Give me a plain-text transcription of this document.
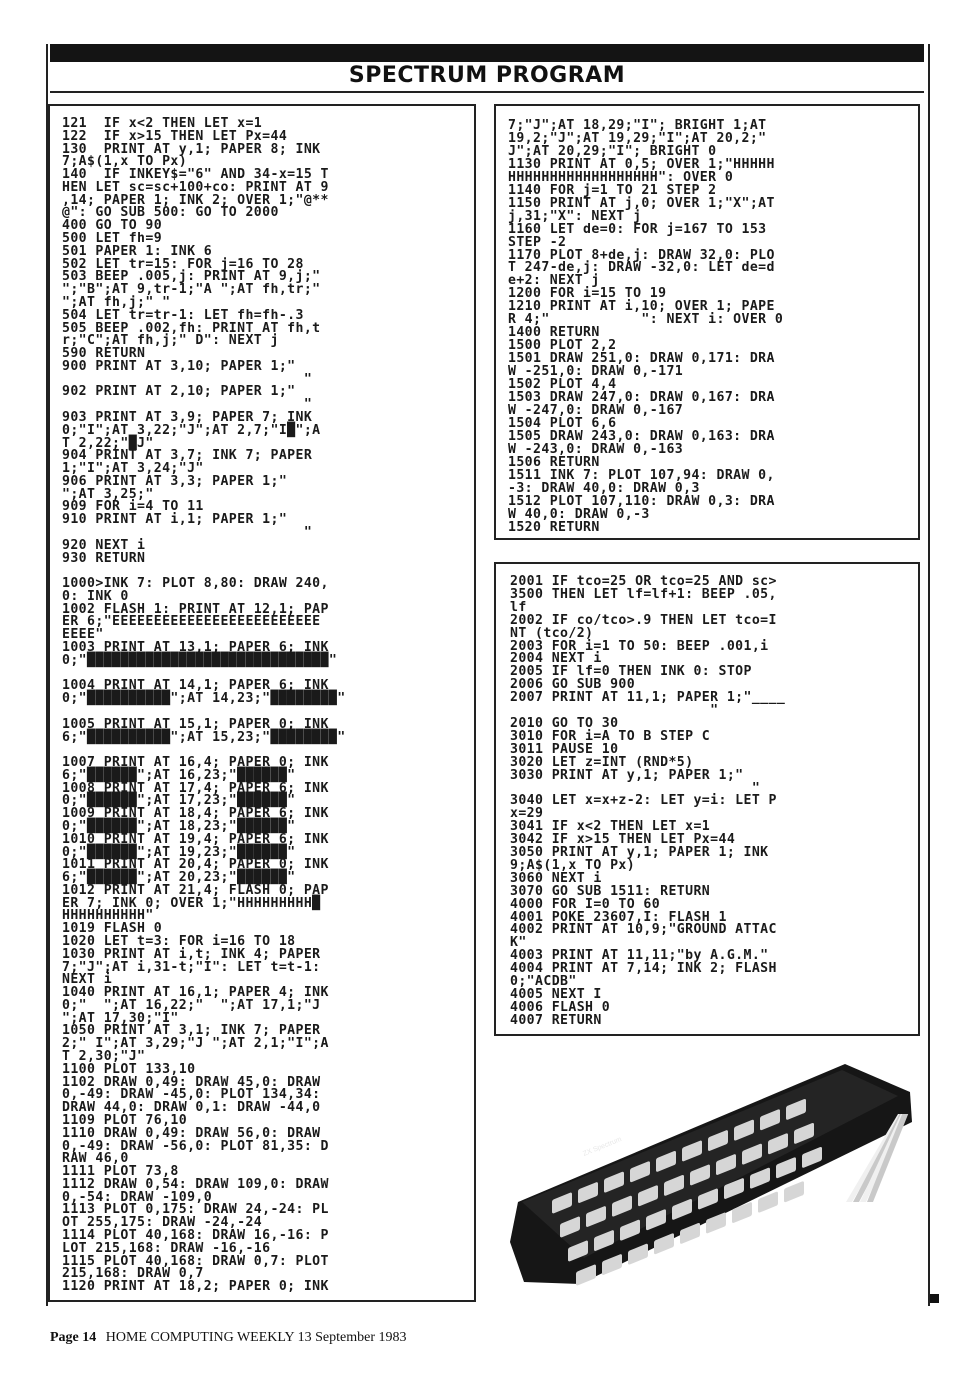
SPECTRUM PROGRAM
121  IF x<2 THEN LET x=1
122  IF x>15 THEN LET Px=44
130  PRINT AT y,1; PAPER 8; INK
7;A$(1,x TO Px)
140  IF INKEY$="6" AND 34-x=15 T
HEN LET sc=sc+100+co: PRINT AT 9
,14; PAPER 1; INK 2; OVER 1;"@**
@": GO SUB 500: GO TO 2000
400 GO TO 90
500 LET fh=9
501 PAPER 1: INK 6
502 LET tr=15: FOR j=16 TO 28
503 BEEP .005,j: PRINT AT 9,j;"
";"B";AT 9,tr-1;"A ";AT fh,tr;"
";AT fh,j;" "
504 LET tr=tr-1: LET fh=fh-.3
505 BEEP .002,fh: PRINT AT fh,t
r;"C";AT fh,j;" D": NEXT j
590 RETURN
900 PRINT AT 3,10; PAPER 1;"
"
902 PRINT AT 2,10; PAPER 1;"
"
903 PRINT AT 3,9; PAPER 7; INK
0;"I";AT 3,22;"J";AT 2,7;"I█";A
T 2,22;"█J"
904 PRINT AT 3,7; INK 7; PAPER
1;"I";AT 3,24;"J"
906 PRINT AT 3,3; PAPER 1;"
";AT 3,25;"
909 FOR i=4 TO 11
910 PRINT AT i,1; PAPER 1;"
"
920 NEXT i
930 RETURN

1000>INK 7: PLOT 8,80: DRAW 240,
0: INK 0
1002 FLASH 1: PRINT AT 12,1; PAP
ER 6;"EEEEEEEEEEEEEEEEEEEEEEEEE
EEEE"
1003 PRINT AT 13,1; PAPER 6; INK
0;"█████████████████████████████"

1004 PRINT AT 14,1; PAPER 6; INK
0;"██████████";AT 14,23;"████████"

1005 PRINT AT 15,1; PAPER 0; INK
6;"██████████";AT 15,23;"████████"

1007 PRINT AT 16,4; PAPER 0; INK
6;"██████";AT 16,23;"██████"
1008 PRINT AT 17,4; PAPER 6; INK
0;"██████";AT 17,23;"██████"
1009 PRINT AT 18,4; PAPER 6; INK
0;"██████";AT 18,23;"██████"
1010 PRINT AT 19,4; PAPER 6; INK
0;"██████";AT 19,23;"██████"
1011 PRINT AT 20,4; PAPER 0; INK
6;"██████";AT 20,23;"██████"
1012 PRINT AT 21,4; FLASH 0; PAP
ER 7; INK 0; OVER 1;"HHHHHHHHH█
HHHHHHHHHH"
1019 FLASH 0
1020 LET t=3: FOR i=16 TO 18
1030 PRINT AT i,t; INK 4; PAPER
7;"J";AT i,31-t;"I": LET t=t-1:
NEXT i
1040 PRINT AT 16,1; PAPER 4; INK
0;"  ";AT 16,22;"  ";AT 17,1;"J
";AT 17,30;"I"
1050 PRINT AT 3,1; INK 7; PAPER
2;" I";AT 3,29;"J ";AT 2,1;"I";A
T 2,30;"J"
1100 PLOT 133,10
1102 DRAW 0,49: DRAW 45,0: DRAW
0,-49: DRAW -45,0: PLOT 134,34:
DRAW 44,0: DRAW 0,1: DRAW -44,0
1109 PLOT 76,10
1110 DRAW 0,49: DRAW 56,0: DRAW
0,-49: DRAW -56,0: PLOT 81,35: D
RAW 46,0
1111 PLOT 73,8
1112 DRAW 0,54: DRAW 109,0: DRAW
0,-54: DRAW -109,0
1113 PLOT 0,175: DRAW 24,-24: PL
OT 255,175: DRAW -24,-24
1114 PLOT 40,168: DRAW 16,-16: P
LOT 215,168: DRAW -16,-16
1115 PLOT 40,168: DRAW 0,7: PLOT
215,168: DRAW 0,7
1120 PRINT AT 18,2; PAPER 0; INK
7;"J";AT 18,29;"I"; BRIGHT 1;AT
19,2;"J";AT 19,29;"I";AT 20,2;"
J";AT 20,29;"I"; BRIGHT 0
1130 PRINT AT 0,5; OVER 1;"HHHHH
HHHHHHHHHHHHHHHHHH": OVER 0
1140 FOR j=1 TO 21 STEP 2
1150 PRINT AT j,0; OVER 1;"X";AT
j,31;"X": NEXT j
1160 LET de=0: FOR j=167 TO 153
STEP -2
1170 PLOT 8+de,j: DRAW 32,0: PLO
T 247-de,j: DRAW -32,0: LET de=d
e+2: NEXT j
1200 FOR i=15 TO 19
1210 PRINT AT i,10; OVER 1; PAPE
R 4;"           ": NEXT i: OVER 0
1400 RETURN
1500 PLOT 2,2
1501 DRAW 251,0: DRAW 0,171: DRA
W -251,0: DRAW 0,-171
1502 PLOT 4,4
1503 DRAW 247,0: DRAW 0,167: DRA
W -247,0: DRAW 0,-167
1504 PLOT 6,6
1505 DRAW 243,0: DRAW 0,163: DRA
W -243,0: DRAW 0,-163
1506 RETURN
1511 INK 7: PLOT 107,94: DRAW 0,
-3: DRAW 40,0: DRAW 0,3
1512 PLOT 107,110: DRAW 0,3: DRA
W 40,0: DRAW 0,-3
1520 RETURN
2001 IF tco=25 OR tco=25 AND sc>
3500 THEN LET lf=lf+1: BEEP .05,
lf
2002 IF co/tco>.9 THEN LET tco=I
NT (tco/2)
2003 FOR i=1 TO 50: BEEP .001,i
2004 NEXT i
2005 IF lf=0 THEN INK 0: STOP
2006 GO SUB 900
2007 PRINT AT 11,1; PAPER 1;"____
"
2010 GO TO 30
3010 FOR i=A TO B STEP C
3011 PAUSE 10
3020 LET z=INT (RND*5)
3030 PRINT AT y,1; PAPER 1;"
"
3040 LET x=x+z-2: LET y=i: LET P
x=29
3041 IF x<2 THEN LET x=1
3042 IF x>15 THEN LET Px=44
3050 PRINT AT y,1; PAPER 1; INK
9;A$(1,x TO Px)
3060 NEXT i
3070 GO SUB 1511: RETURN
4000 FOR I=0 TO 60
4001 POKE 23607,I: FLASH 1
4002 PRINT AT 10,9;"GROUND ATTAC
K"
4003 PRINT AT 11,11;"by A.G.M."
4004 PRINT AT 7,14; INK 2; FLASH
0;"ACDB"
4005 NEXT I
4006 FLASH 0
4007 RETURN
ZX Spectrum
Page 14 HOME COMPUTING WEEKLY 13 September 1983
